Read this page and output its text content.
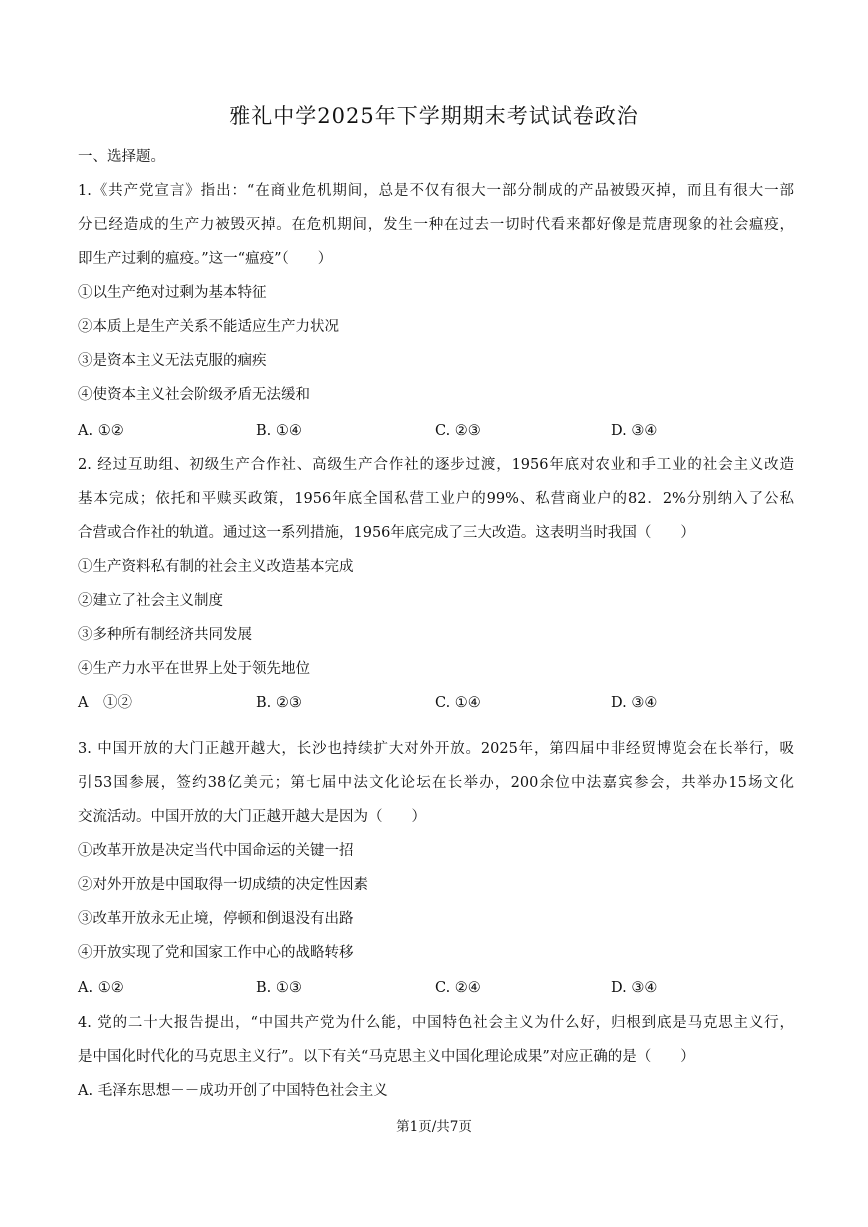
雅礼中学2025年下学期期末考试试卷政治
一、选择题。
1.《共产党宣言》指出：“在商业危机期间，总是不仅有很大一部分制成的产品被毁灭掉，而且有很大一部
分已经造成的生产力被毁灭掉。在危机期间，发生一种在过去一切时代看来都好像是荒唐现象的社会瘟疫，
即生产过剩的瘟疫。”这一“瘟疫”（　　）
①以生产绝对过剩为基本特征
②本质上是生产关系不能适应生产力状况
③是资本主义无法克服的痼疾
④使资本主义社会阶级矛盾无法缓和
A. ①②	B. ①④	C. ②③	D. ③④
2. 经过互助组、初级生产合作社、高级生产合作社的逐步过渡，1956年底对农业和手工业的社会主义改造
基本完成；依托和平赎买政策，1956年底全国私营工业户的99%、私营商业户的82．2%分别纳入了公私
合营或合作社的轨道。通过这一系列措施，1956年底完成了三大改造。这表明当时我国（　　）
①生产资料私有制的社会主义改造基本完成
②建立了社会主义制度
③多种所有制经济共同发展
④生产力水平在世界上处于领先地位
A　①②	B. ②③	C. ①④	D. ③④
3. 中国开放的大门正越开越大，长沙也持续扩大对外开放。2025年，第四届中非经贸博览会在长举行，吸
引53国参展，签约38亿美元；第七届中法文化论坛在长举办，200余位中法嘉宾参会，共举办15场文化
交流活动。中国开放的大门正越开越大是因为（　　）
①改革开放是决定当代中国命运的关键一招
②对外开放是中国取得一切成绩的决定性因素
③改革开放永无止境，停顿和倒退没有出路
④开放实现了党和国家工作中心的战略转移
A. ①②	B. ①③	C. ②④	D. ③④
4. 党的二十大报告提出，“中国共产党为什么能，中国特色社会主义为什么好，归根到底是马克思主义行，
是中国化时代化的马克思主义行”。以下有关“马克思主义中国化理论成果”对应正确的是（　　）
A. 毛泽东思想－－成功开创了中国特色社会主义
第1页/共7页
